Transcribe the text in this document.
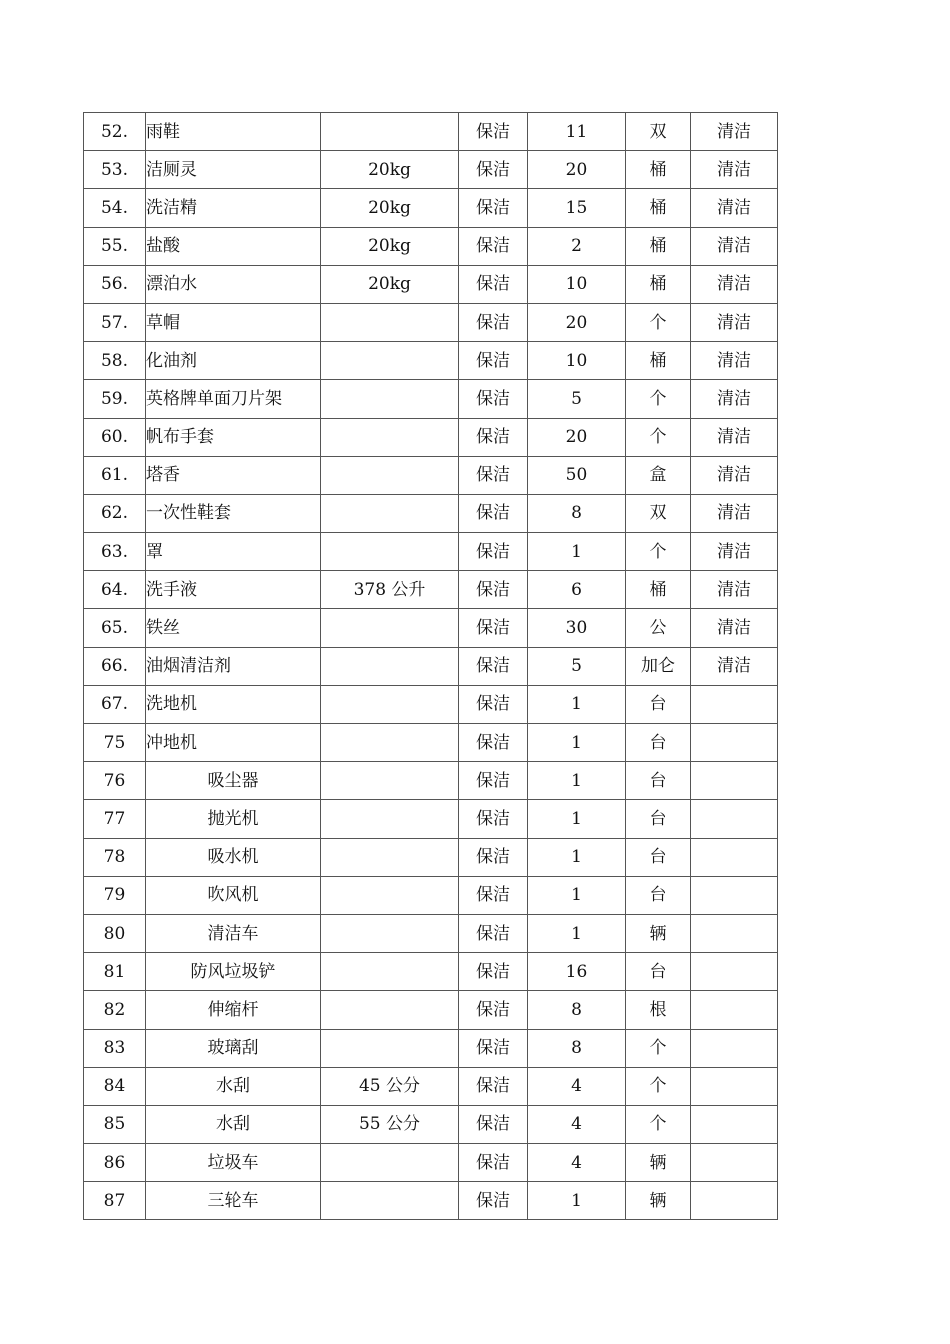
52.	雨鞋		保洁	11	双	清洁
53.	洁厕灵	20kg	保洁	20	桶	清洁
54.	洗洁精	20kg	保洁	15	桶	清洁
55.	盐酸	20kg	保洁	2	桶	清洁
56.	漂泊水	20kg	保洁	10	桶	清洁
57.	草帽		保洁	20	个	清洁
58.	化油剂		保洁	10	桶	清洁
59.	英格牌单面刀片架		保洁	5	个	清洁
60.	帆布手套		保洁	20	个	清洁
61.	塔香		保洁	50	盒	清洁
62.	一次性鞋套		保洁	8	双	清洁
63.	罩		保洁	1	个	清洁
64.	洗手液	378 公升	保洁	6	桶	清洁
65.	铁丝		保洁	30	公	清洁
66.	油烟清洁剂		保洁	5	加仑	清洁
67.	洗地机		保洁	1	台	
75	冲地机		保洁	1	台	
76	吸尘器		保洁	1	台	
77	抛光机		保洁	1	台	
78	吸水机		保洁	1	台	
79	吹风机		保洁	1	台	
80	清洁车		保洁	1	辆	
81	防风垃圾铲		保洁	16	台	
82	伸缩杆		保洁	8	根	
83	玻璃刮		保洁	8	个	
84	水刮	45 公分	保洁	4	个	
85	水刮	55 公分	保洁	4	个	
86	垃圾车		保洁	4	辆	
87	三轮车		保洁	1	辆	
